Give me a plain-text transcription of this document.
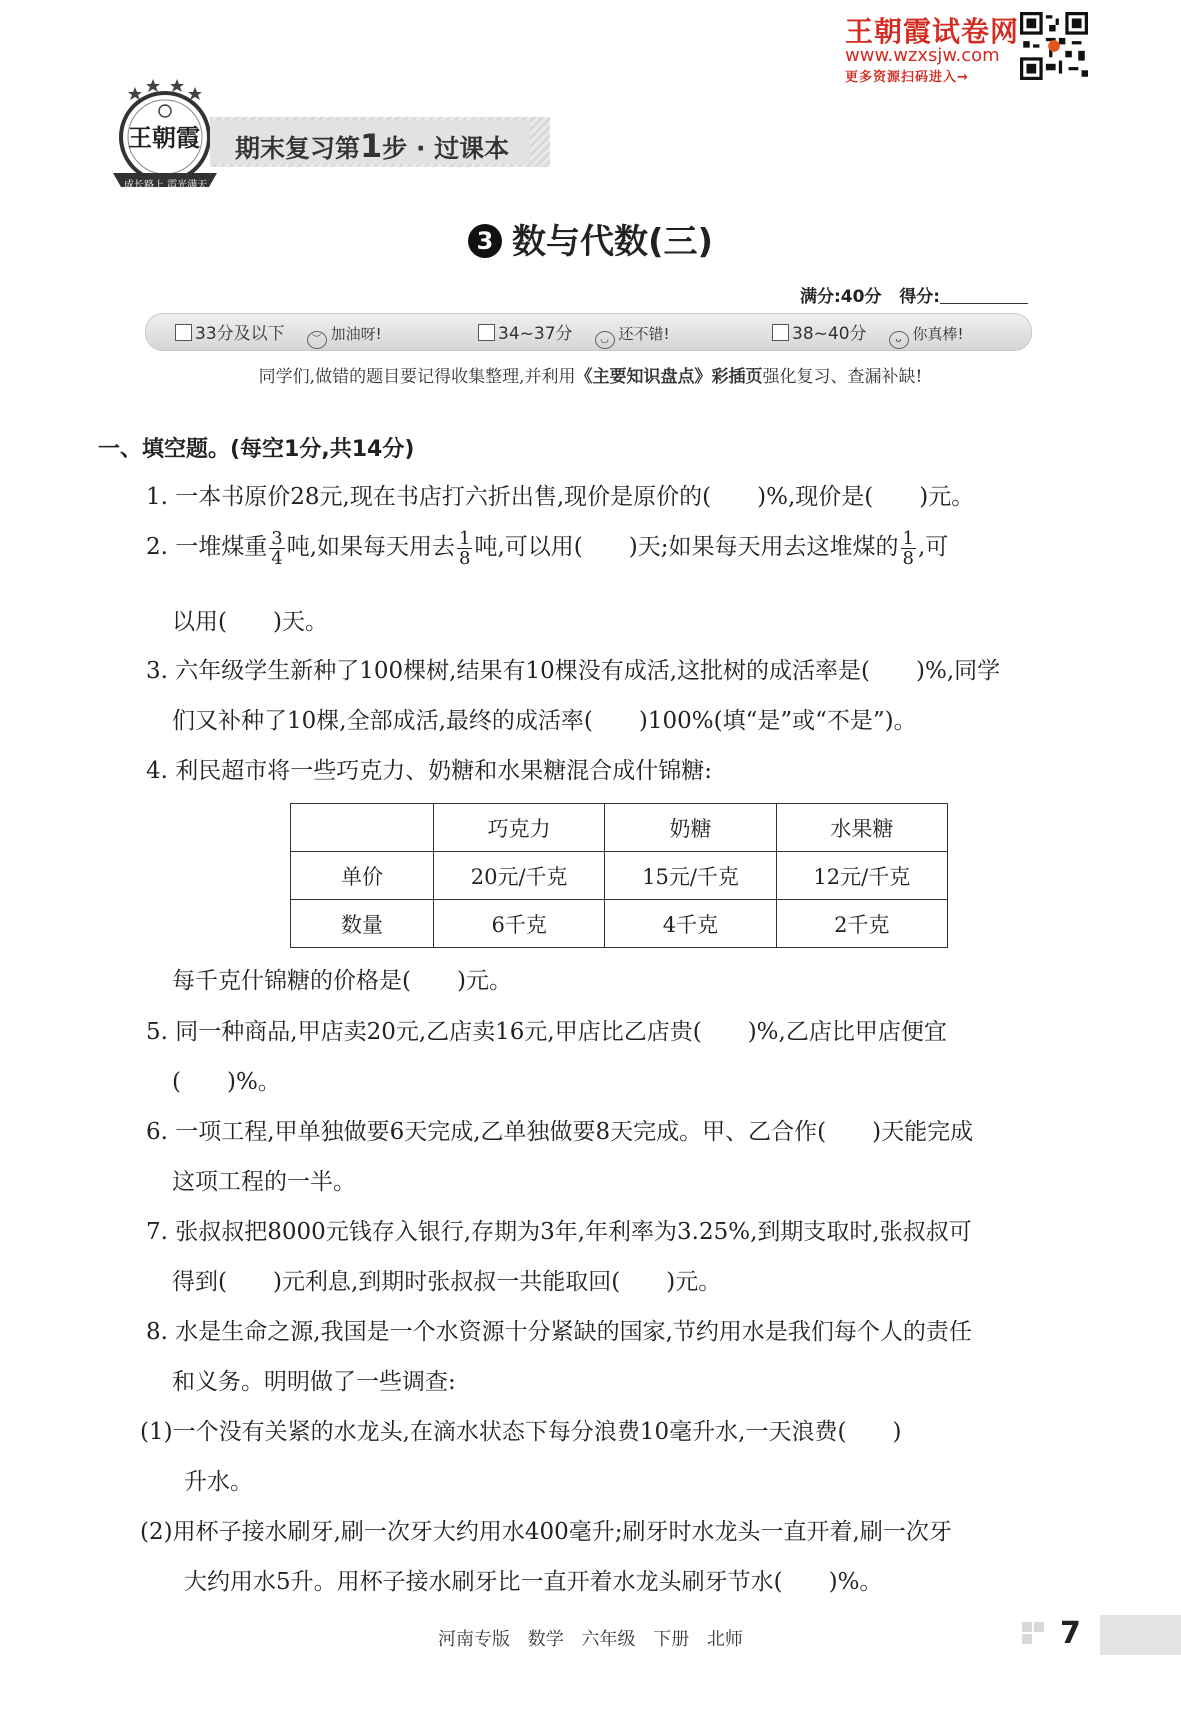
王朝霞试卷网
www.wzxsjw.com
更多资源扫码进入→
王朝霞
成长路上 霞光满天
期末复习第1步 · 过课本
3 数与代数(三)
满分:40分 得分:
33分及以下	︶ 加油呀!	34~37分	◡ 还不错!	38~40分	ᴗ 你真棒!
同学们,做错的题目要记得收集整理,并利用《主要知识盘点》彩插页强化复习、查漏补缺!
一、填空题。(每空1分,共14分)
1. 一本书原价28元,现在书店打六折出售,现价是原价的(　　)%,现价是(　　)元。
2. 一堆煤重 $\frac{3}{4}$ 吨,如果每天用去 $\frac{1}{8}$ 吨,可以用(　　)天;如果每天用去这堆煤的 $\frac{1}{8}$ ,可
以用(　　)天。
3. 六年级学生新种了100棵树,结果有10棵没有成活,这批树的成活率是(　　)%,同学
们又补种了10棵,全部成活,最终的成活率(　　)100%(填“是”或“不是”)。
4. 利民超市将一些巧克力、奶糖和水果糖混合成什锦糖:
	巧克力	奶糖	水果糖
单价	20元/千克	15元/千克	12元/千克
数量	6千克	4千克	2千克
每千克什锦糖的价格是(　　)元。
5. 同一种商品,甲店卖20元,乙店卖16元,甲店比乙店贵(　　)%,乙店比甲店便宜
(　　)%。
6. 一项工程,甲单独做要6天完成,乙单独做要8天完成。甲、乙合作(　　)天能完成
这项工程的一半。
7. 张叔叔把8000元钱存入银行,存期为3年,年利率为3.25%,到期支取时,张叔叔可
得到(　　)元利息,到期时张叔叔一共能取回(　　)元。
8. 水是生命之源,我国是一个水资源十分紧缺的国家,节约用水是我们每个人的责任
和义务。明明做了一些调查:
(1)一个没有关紧的水龙头,在滴水状态下每分浪费10毫升水,一天浪费(　　)
升水。
(2)用杯子接水刷牙,刷一次牙大约用水400毫升;刷牙时水龙头一直开着,刷一次牙
大约用水5升。用杯子接水刷牙比一直开着水龙头刷牙节水(　　)%。
河南专版 数学 六年级 下册 北师	7
